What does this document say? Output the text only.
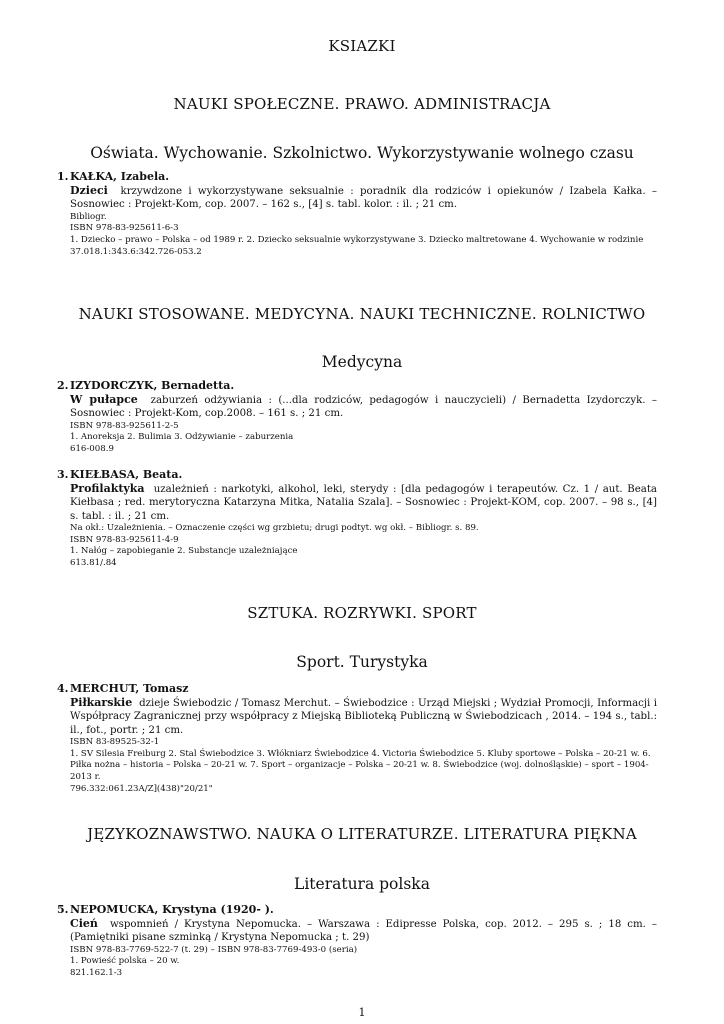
KSIAZKI
NAUKI SPOŁECZNE. PRAWO. ADMINISTRACJA
Oświata. Wychowanie. Szkolnictwo. Wykorzystywanie wolnego czasu
1. KAŁKA, Izabela.
Dzieci krzywdzone i wykorzystywane seksualnie : poradnik dla rodziców i opiekunów / Izabela Kałka. – Sosnowiec : Projekt-Kom, cop. 2007. – 162 s., [4] s. tabl. kolor. : il. ; 21 cm.
Bibliogr.
ISBN 978-83-925611-6-3
1. Dziecko – prawo – Polska – od 1989 r. 2. Dziecko seksualnie wykorzystywane 3. Dziecko maltretowane 4. Wychowanie w rodzinie
37.018.1:343.6:342.726-053.2
NAUKI STOSOWANE. MEDYCYNA. NAUKI TECHNICZNE. ROLNICTWO
Medycyna
2. IZYDORCZYK, Bernadetta.
W pułapce zaburzeń odżywiania : (...dla rodziców, pedagogów i nauczycieli) / Bernadetta Izydorczyk. – Sosnowiec : Projekt-Kom, cop.2008. – 161 s. ; 21 cm.
ISBN 978-83-925611-2-5
1. Anoreksja 2. Bulimia 3. Odżywianie – zaburzenia
616-008.9
3. KIEŁBASA, Beata.
Profilaktyka uzależnień : narkotyki, alkohol, leki, sterydy : [dla pedagogów i terapeutów. Cz. 1 / aut. Beata Kiełbasa ; red. merytoryczna Katarzyna Mitka, Natalia Szala]. – Sosnowiec : Projekt-KOM, cop. 2007. – 98 s., [4] s. tabl. : il. ; 21 cm.
Na okł.: Uzależnienia. – Oznaczenie części wg grzbietu; drugi podtyt. wg okł. – Bibliogr. s. 89.
ISBN 978-83-925611-4-9
1. Nałóg – zapobieganie 2. Substancje uzależniające
613.81/.84
SZTUKA. ROZRYWKI. SPORT
Sport. Turystyka
4. MERCHUT, Tomasz
Piłkarskie dzieje Świebodzic / Tomasz Merchut. – Świebodzice : Urząd Miejski ; Wydział Promocji, Informacji i Współpracy Zagranicznej przy współpracy z Miejską Biblioteką Publiczną w Świebodzicach , 2014. – 194 s., tabl.: il., fot., portr. ; 21 cm.
ISBN 83-89525-32-1
1. SV Silesia Freiburg 2. Stal Świebodzice 3. Włókniarz Świebodzice 4. Victoria Świebodzice 5. Kluby sportowe – Polska – 20-21 w. 6. Piłka nożna – historia – Polska – 20-21 w. 7. Sport – organizacje – Polska – 20-21 w. 8. Świebodzice (woj. dolnośląskie) – sport – 1904-2013 r.
796.332:061.23A/Z](438)"20/21"
JĘZYKOZNAWSTWO. NAUKA O LITERATURZE. LITERATURA PIĘKNA
Literatura polska
5. NEPOMUCKA, Krystyna (1920- ).
Cień wspomnień / Krystyna Nepomucka. – Warszawa : Edipresse Polska, cop. 2012. – 295 s. ; 18 cm. – (Pamiętniki pisane szminką / Krystyna Nepomucka ; t. 29)
ISBN 978-83-7769-522-7 (t. 29) – ISBN 978-83-7769-493-0 (seria)
1. Powieść polska – 20 w.
821.162.1-3
1
